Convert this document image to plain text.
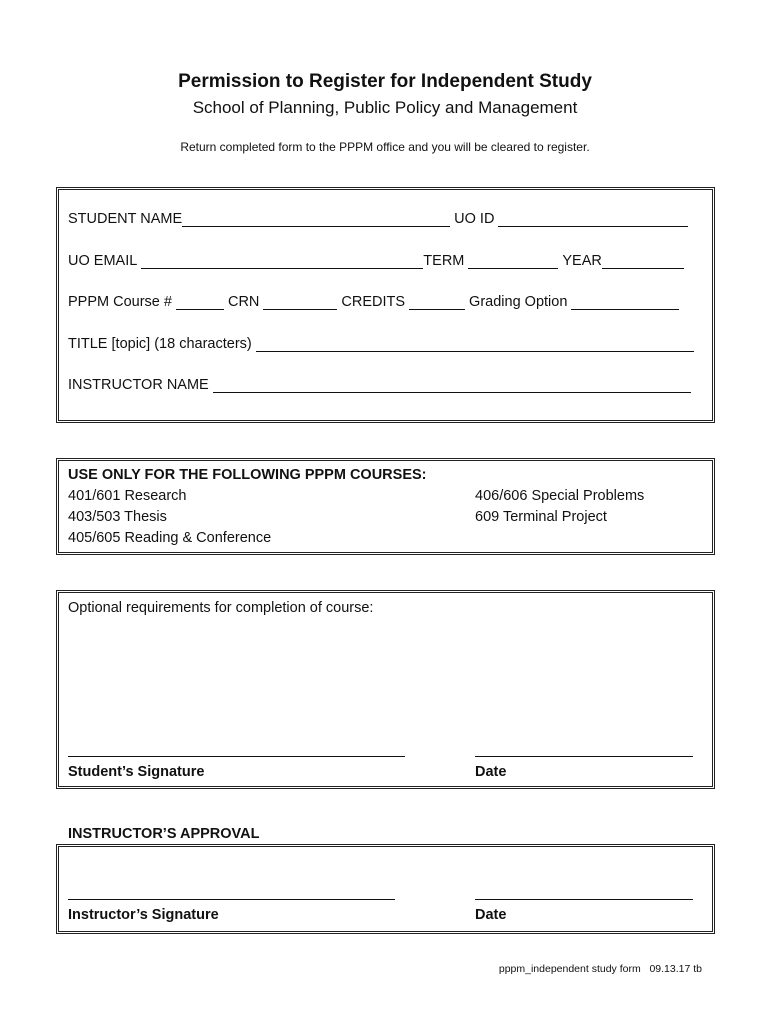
Permission to Register for Independent Study
School of Planning, Public Policy and Management
Return completed form to the PPPM office and you will be cleared to register.
STUDENT NAME	UO ID
UO EMAIL	TERM	YEAR
PPPM Course #	CRN	CREDITS	Grading Option
TITLE [topic] (18 characters)
INSTRUCTOR NAME
USE ONLY FOR THE FOLLOWING PPPM COURSES:
401/601 Research
403/503 Thesis
405/605 Reading & Conference
406/606 Special Problems
609 Terminal Project
Optional requirements for completion of course:
Student’s Signature	Date
INSTRUCTOR’S APPROVAL
Instructor’s Signature	Date
pppm_independent study form   09.13.17 tb
